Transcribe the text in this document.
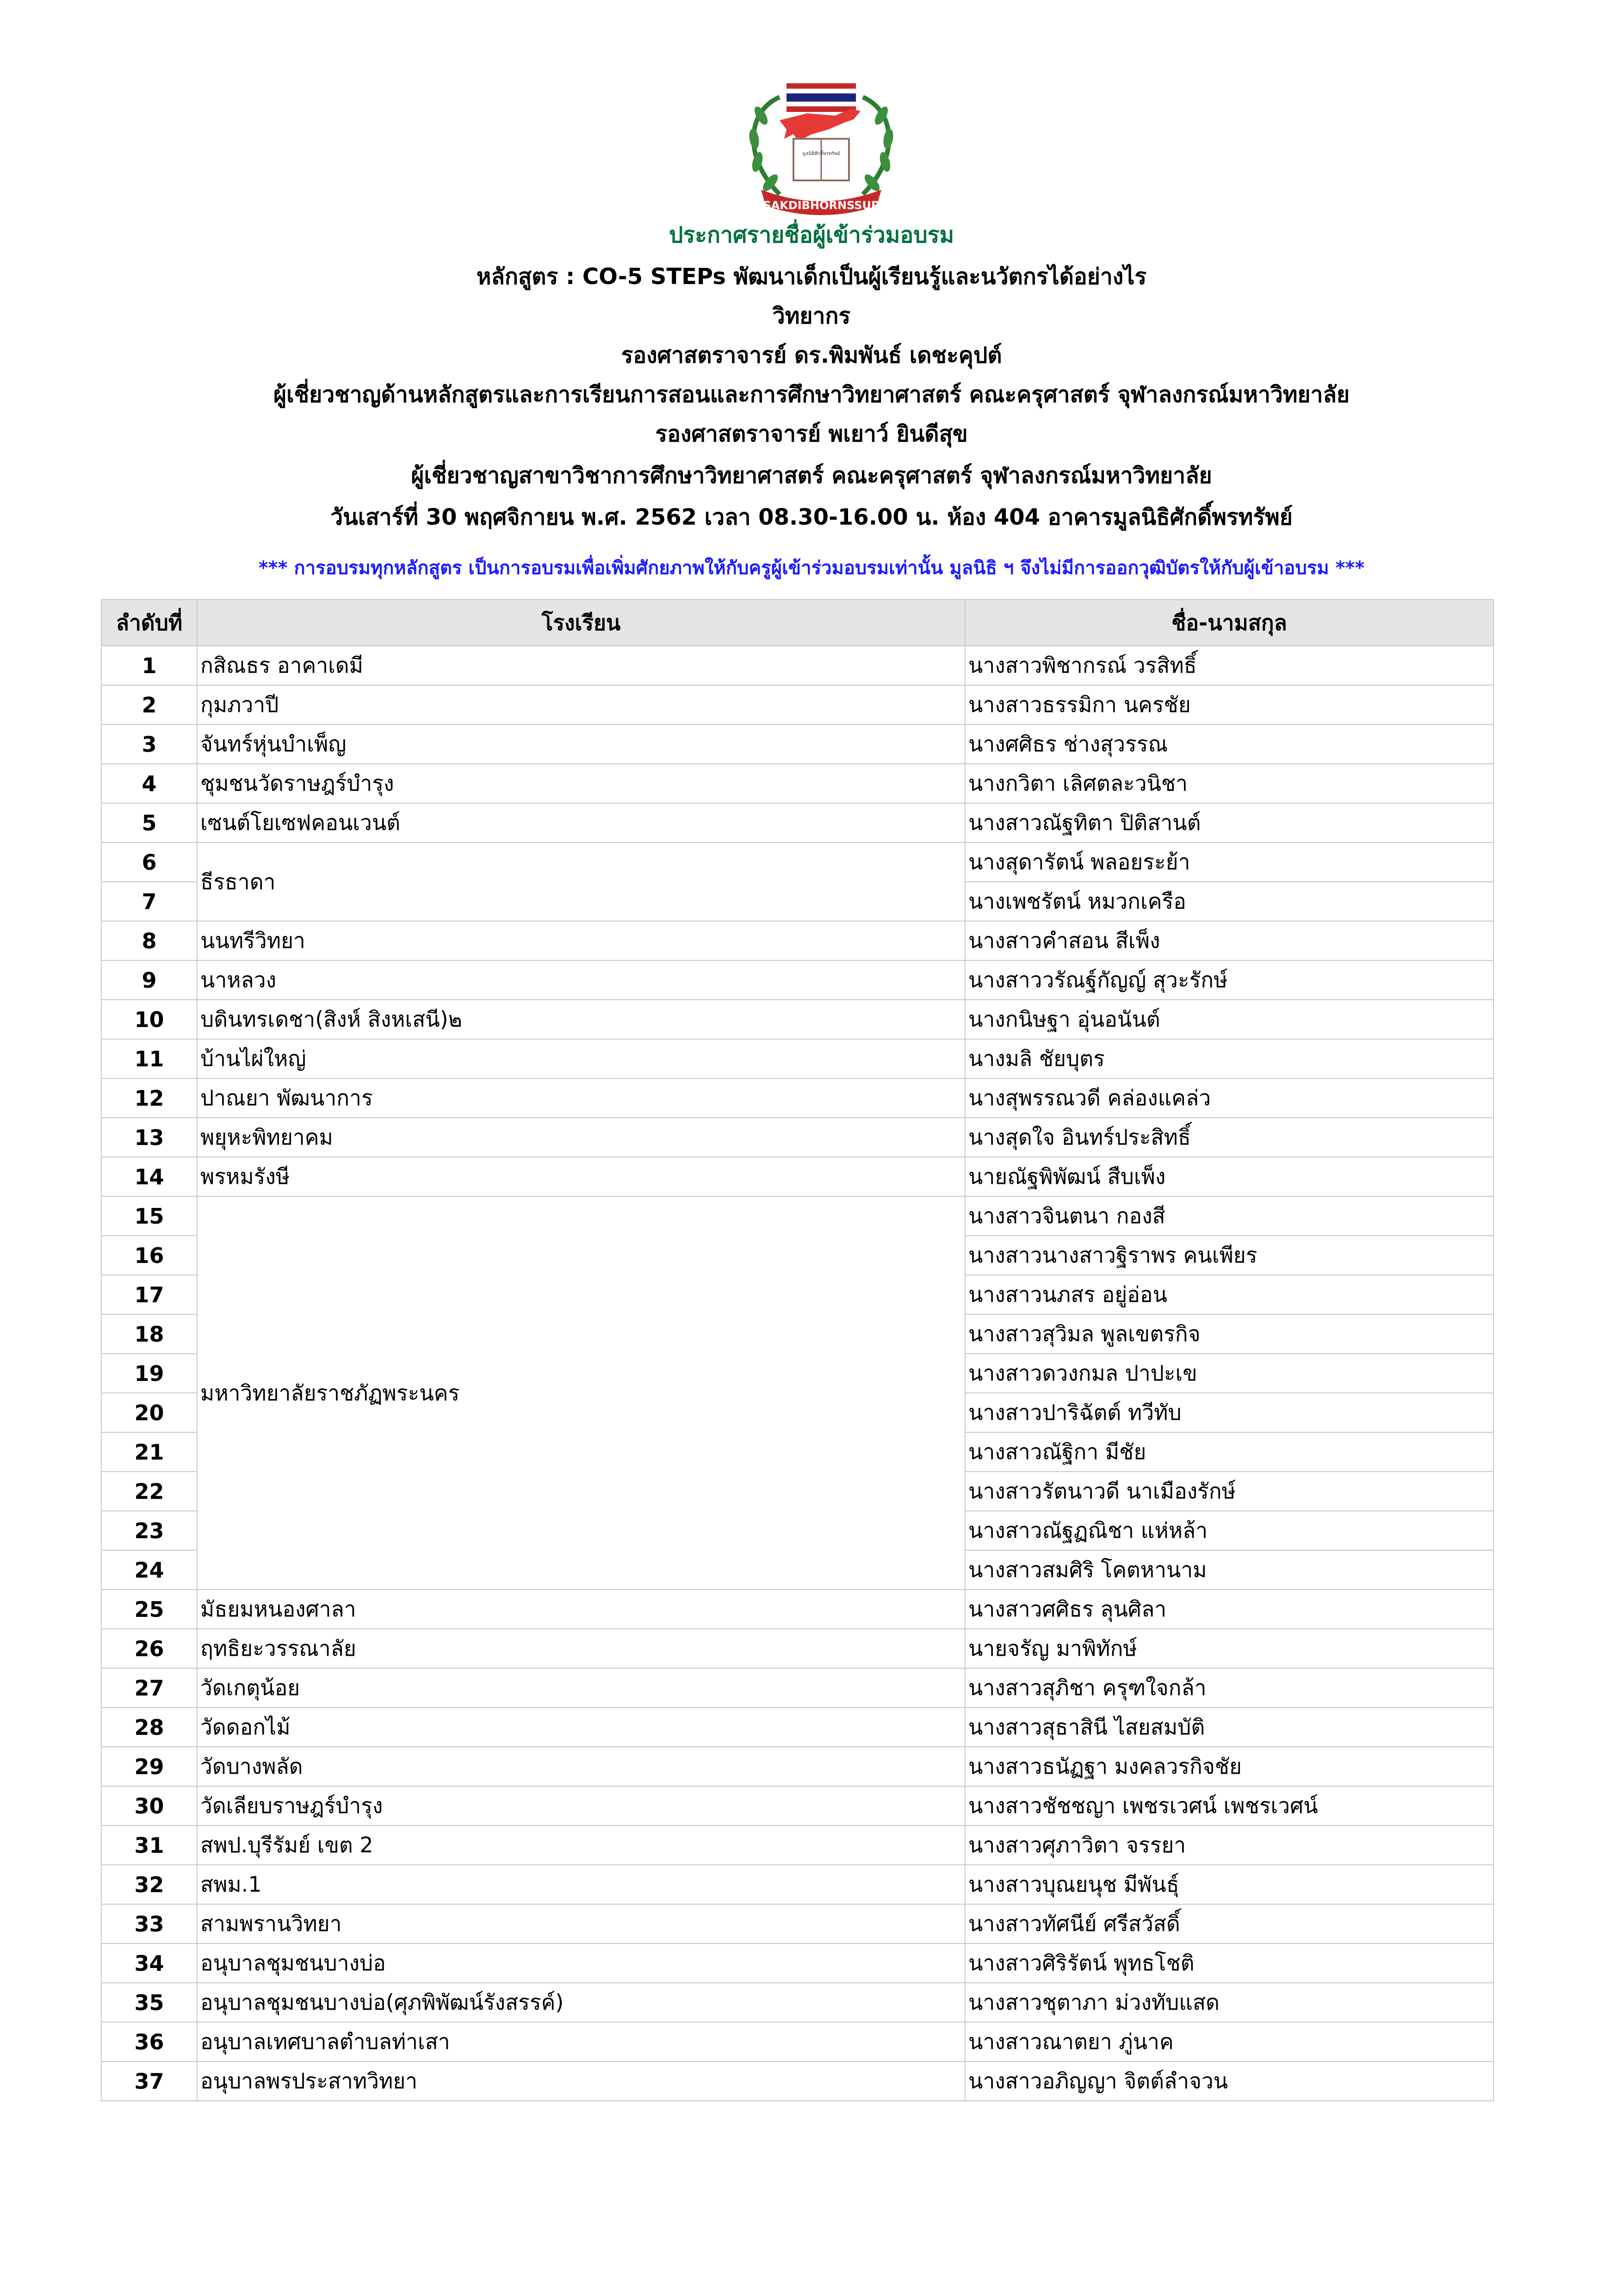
มูลนิธิศักดิ์พรทรัพย์
SAKDIBHORNSSUP
ประกาศรายชื่อผู้เข้าร่วมอบรม
หลักสูตร : CO-5 STEPs พัฒนาเด็กเป็นผู้เรียนรู้และนวัตกรได้อย่างไร
วิทยากร
รองศาสตราจารย์ ดร.พิมพันธ์ เดชะคุปต์
ผู้เชี่ยวชาญด้านหลักสูตรและการเรียนการสอนและการศึกษาวิทยาศาสตร์ คณะครุศาสตร์ จุฬาลงกรณ์มหาวิทยาลัย
รองศาสตราจารย์ พเยาว์ ยินดีสุข
ผู้เชี่ยวชาญสาขาวิชาการศึกษาวิทยาศาสตร์ คณะครุศาสตร์ จุฬาลงกรณ์มหาวิทยาลัย
วันเสาร์ที่ 30 พฤศจิกายน พ.ศ. 2562 เวลา 08.30-16.00 น. ห้อง 404 อาคารมูลนิธิศักดิ์พรทรัพย์
*** การอบรมทุกหลักสูตร เป็นการอบรมเพื่อเพิ่มศักยภาพให้กับครูผู้เข้าร่วมอบรมเท่านั้น มูลนิธิ ฯ จึงไม่มีการออกวุฒิบัตรให้กับผู้เข้าอบรม ***
ลำดับที่	โรงเรียน	ชื่อ-นามสกุล
1	กสิณธร อาคาเดมี	นางสาวพิชากรณ์ วรสิทธิ์
2	กุมภวาปี	นางสาวธรรมิกา นครชัย
3	จันทร์หุ่นบำเพ็ญ	นางศศิธร ช่างสุวรรณ
4	ชุมชนวัดราษฎร์บำรุง	นางกวิตา เลิศตละวนิชา
5	เซนต์โยเซฟคอนเวนต์	นางสาวณัฐทิตา ปิติสานต์
6	ธีรธาดา	นางสุดารัตน์ พลอยระย้า
7		นางเพชรัตน์ หมวกเครือ
8	นนทรีวิทยา	นางสาวคำสอน สีเพ็ง
9	นาหลวง	นางสาววรัณฐ์กัญญ์ สุวะรักษ์
10	บดินทรเดชา(สิงห์ สิงหเสนี)๒	นางกนิษฐา อุ่นอนันต์
11	บ้านไผ่ใหญ่	นางมลิ ชัยบุตร
12	ปาณยา พัฒนาการ	นางสุพรรณวดี คล่องแคล่ว
13	พยุหะพิทยาคม	นางสุดใจ อินทร์ประสิทธิ์
14	พรหมรังษี	นายณัฐพิพัฒน์ สืบเพ็ง
15	มหาวิทยาลัยราชภัฏพระนคร	นางสาวจินตนา กองสี
16		นางสาวนางสาวฐิราพร คนเพียร
17		นางสาวนภสร อยู่อ่อน
18		นางสาวสุวิมล พูลเขตรกิจ
19		นางสาวดวงกมล ปาปะเข
20		นางสาวปาริฉัตต์ ทวีทับ
21		นางสาวณัฐิกา มีชัย
22		นางสาวรัตนาวดี นาเมืองรักษ์
23		นางสาวณัฐฏณิชา แห่หล้า
24		นางสาวสมศิริ โคตหานาม
25	มัธยมหนองศาลา	นางสาวศศิธร ลุนศิลา
26	ฤทธิยะวรรณาลัย	นายจรัญ มาพิทักษ์
27	วัดเกตุน้อย	นางสาวสุภิชา ครุฑใจกล้า
28	วัดดอกไม้	นางสาวสุธาสินี ไสยสมบัติ
29	วัดบางพลัด	นางสาวธนัฏฐา มงคลวรกิจชัย
30	วัดเลียบราษฎร์บำรุง	นางสาวชัชชญา เพชรเวศน์ เพชรเวศน์
31	สพป.บุรีรัมย์ เขต 2	นางสาวศุภาวิตา จรรยา
32	สพม.1	นางสาวบุณยนุช มีพันธุ์
33	สามพรานวิทยา	นางสาวทัศนีย์ ศรีสวัสดิ์
34	อนุบาลชุมชนบางบ่อ	นางสาวศิริรัตน์ พุทธโชติ
35	อนุบาลชุมชนบางบ่อ(ศุภพิพัฒน์รังสรรค์)	นางสาวชุตาภา ม่วงทับแสด
36	อนุบาลเทศบาลตำบลท่าเสา	นางสาวณาตยา ภู่นาค
37	อนุบาลพรประสาทวิทยา	นางสาวอภิญญา จิตต์ลำจวน
